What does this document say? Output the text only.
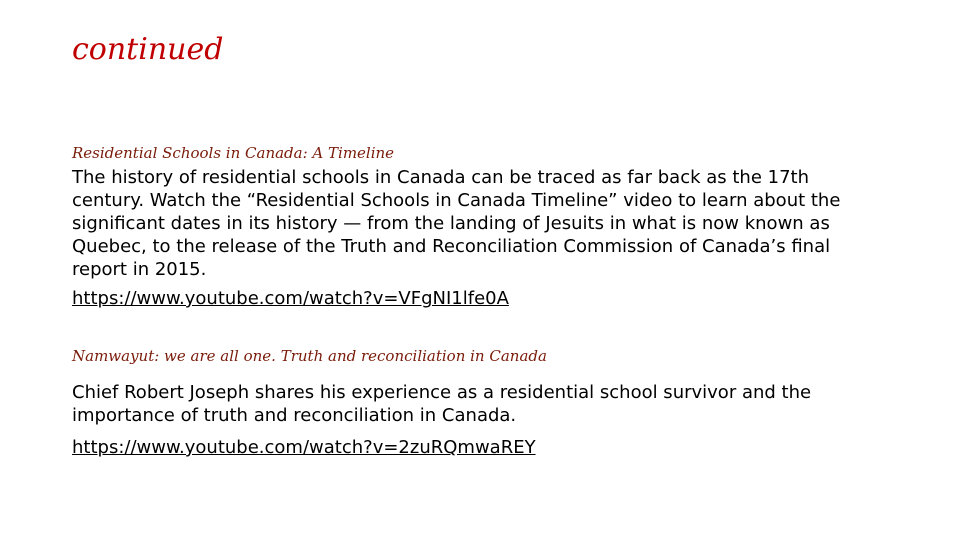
continued
Residential Schools in Canada: A Timeline
The history of residential schools in Canada can be traced as far back as the 17th century. Watch the “Residential Schools in Canada Timeline” video to learn about the significant dates in its history — from the landing of Jesuits in what is now known as Quebec, to the release of the Truth and Reconciliation Commission of Canada’s final report in 2015.
https://www.youtube.com/watch?v=VFgNI1lfe0A
Namwayut: we are all one. Truth and reconciliation in Canada
Chief Robert Joseph shares his experience as a residential school survivor and the importance of truth and reconciliation in Canada.
https://www.youtube.com/watch?v=2zuRQmwaREY
